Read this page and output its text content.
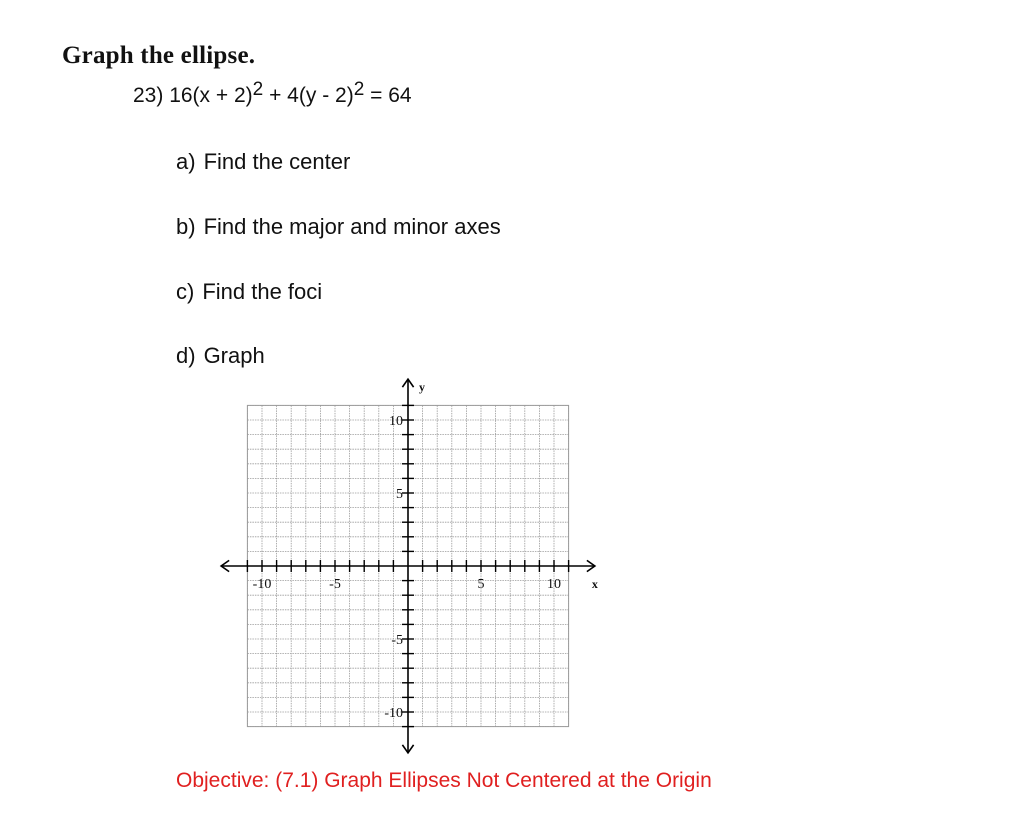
Graph the ellipse.
23) $16(x + 2)^2 + 4(y - 2)^2 = 64$
a) Find the center
b) Find the major and minor axes
c) Find the foci
d) Graph
-10	-5	5	10
10
5
-5
-10
x
y
Objective: (7.1) Graph Ellipses Not Centered at the Origin
